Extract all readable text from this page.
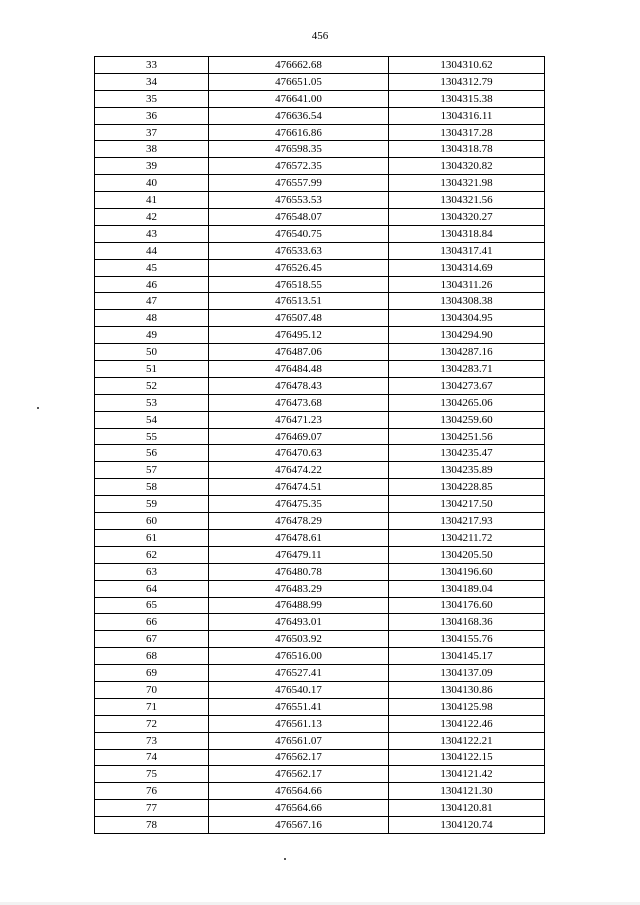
456
33	476662.68	1304310.62
34	476651.05	1304312.79
35	476641.00	1304315.38
36	476636.54	1304316.11
37	476616.86	1304317.28
38	476598.35	1304318.78
39	476572.35	1304320.82
40	476557.99	1304321.98
41	476553.53	1304321.56
42	476548.07	1304320.27
43	476540.75	1304318.84
44	476533.63	1304317.41
45	476526.45	1304314.69
46	476518.55	1304311.26
47	476513.51	1304308.38
48	476507.48	1304304.95
49	476495.12	1304294.90
50	476487.06	1304287.16
51	476484.48	1304283.71
52	476478.43	1304273.67
53	476473.68	1304265.06
54	476471.23	1304259.60
55	476469.07	1304251.56
56	476470.63	1304235.47
57	476474.22	1304235.89
58	476474.51	1304228.85
59	476475.35	1304217.50
60	476478.29	1304217.93
61	476478.61	1304211.72
62	476479.11	1304205.50
63	476480.78	1304196.60
64	476483.29	1304189.04
65	476488.99	1304176.60
66	476493.01	1304168.36
67	476503.92	1304155.76
68	476516.00	1304145.17
69	476527.41	1304137.09
70	476540.17	1304130.86
71	476551.41	1304125.98
72	476561.13	1304122.46
73	476561.07	1304122.21
74	476562.17	1304122.15
75	476562.17	1304121.42
76	476564.66	1304121.30
77	476564.66	1304120.81
78	476567.16	1304120.74
